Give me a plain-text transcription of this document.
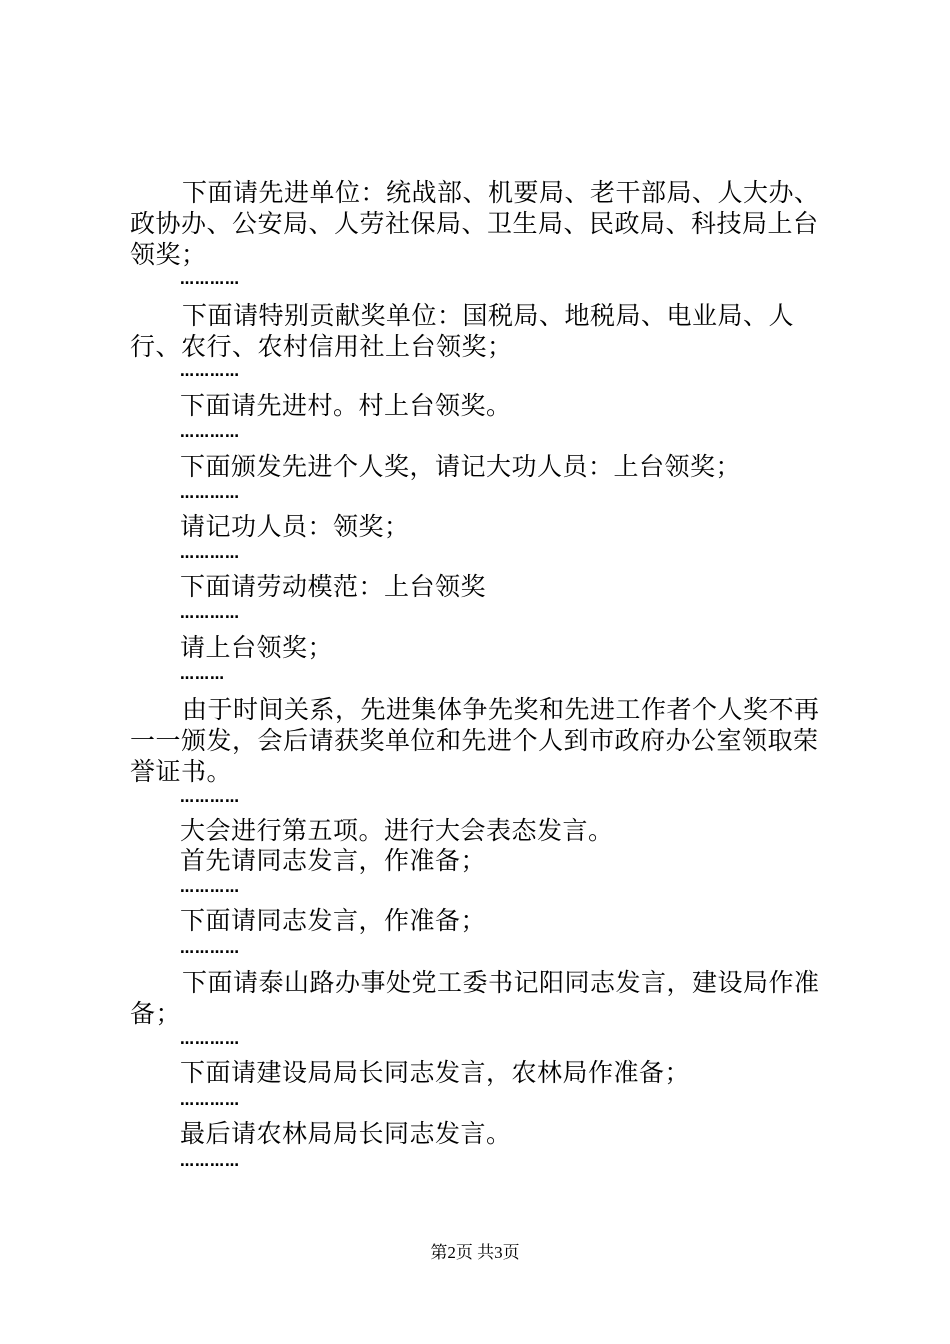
下面请先进单位：统战部、机要局、老干部局、人大办、政协办、公安局、人劳社保局、卫生局、民政局、科技局上台领奖；
…………
下面请特别贡献奖单位：国税局、地税局、电业局、人行、农行、农村信用社上台领奖；
…………
下面请先进村。村上台领奖。
…………
下面颁发先进个人奖，请记大功人员：上台领奖；
…………
请记功人员：领奖；
…………
下面请劳动模范：上台领奖
…………
请上台领奖；
………
由于时间关系，先进集体争先奖和先进工作者个人奖不再一一颁发，会后请获奖单位和先进个人到市政府办公室领取荣誉证书。
…………
大会进行第五项。进行大会表态发言。
首先请同志发言，作准备；
…………
下面请同志发言，作准备；
…………
下面请泰山路办事处党工委书记阳同志发言，建设局作准备；
…………
下面请建设局局长同志发言，农林局作准备；
…………
最后请农林局局长同志发言。
…………
第2页 共3页
